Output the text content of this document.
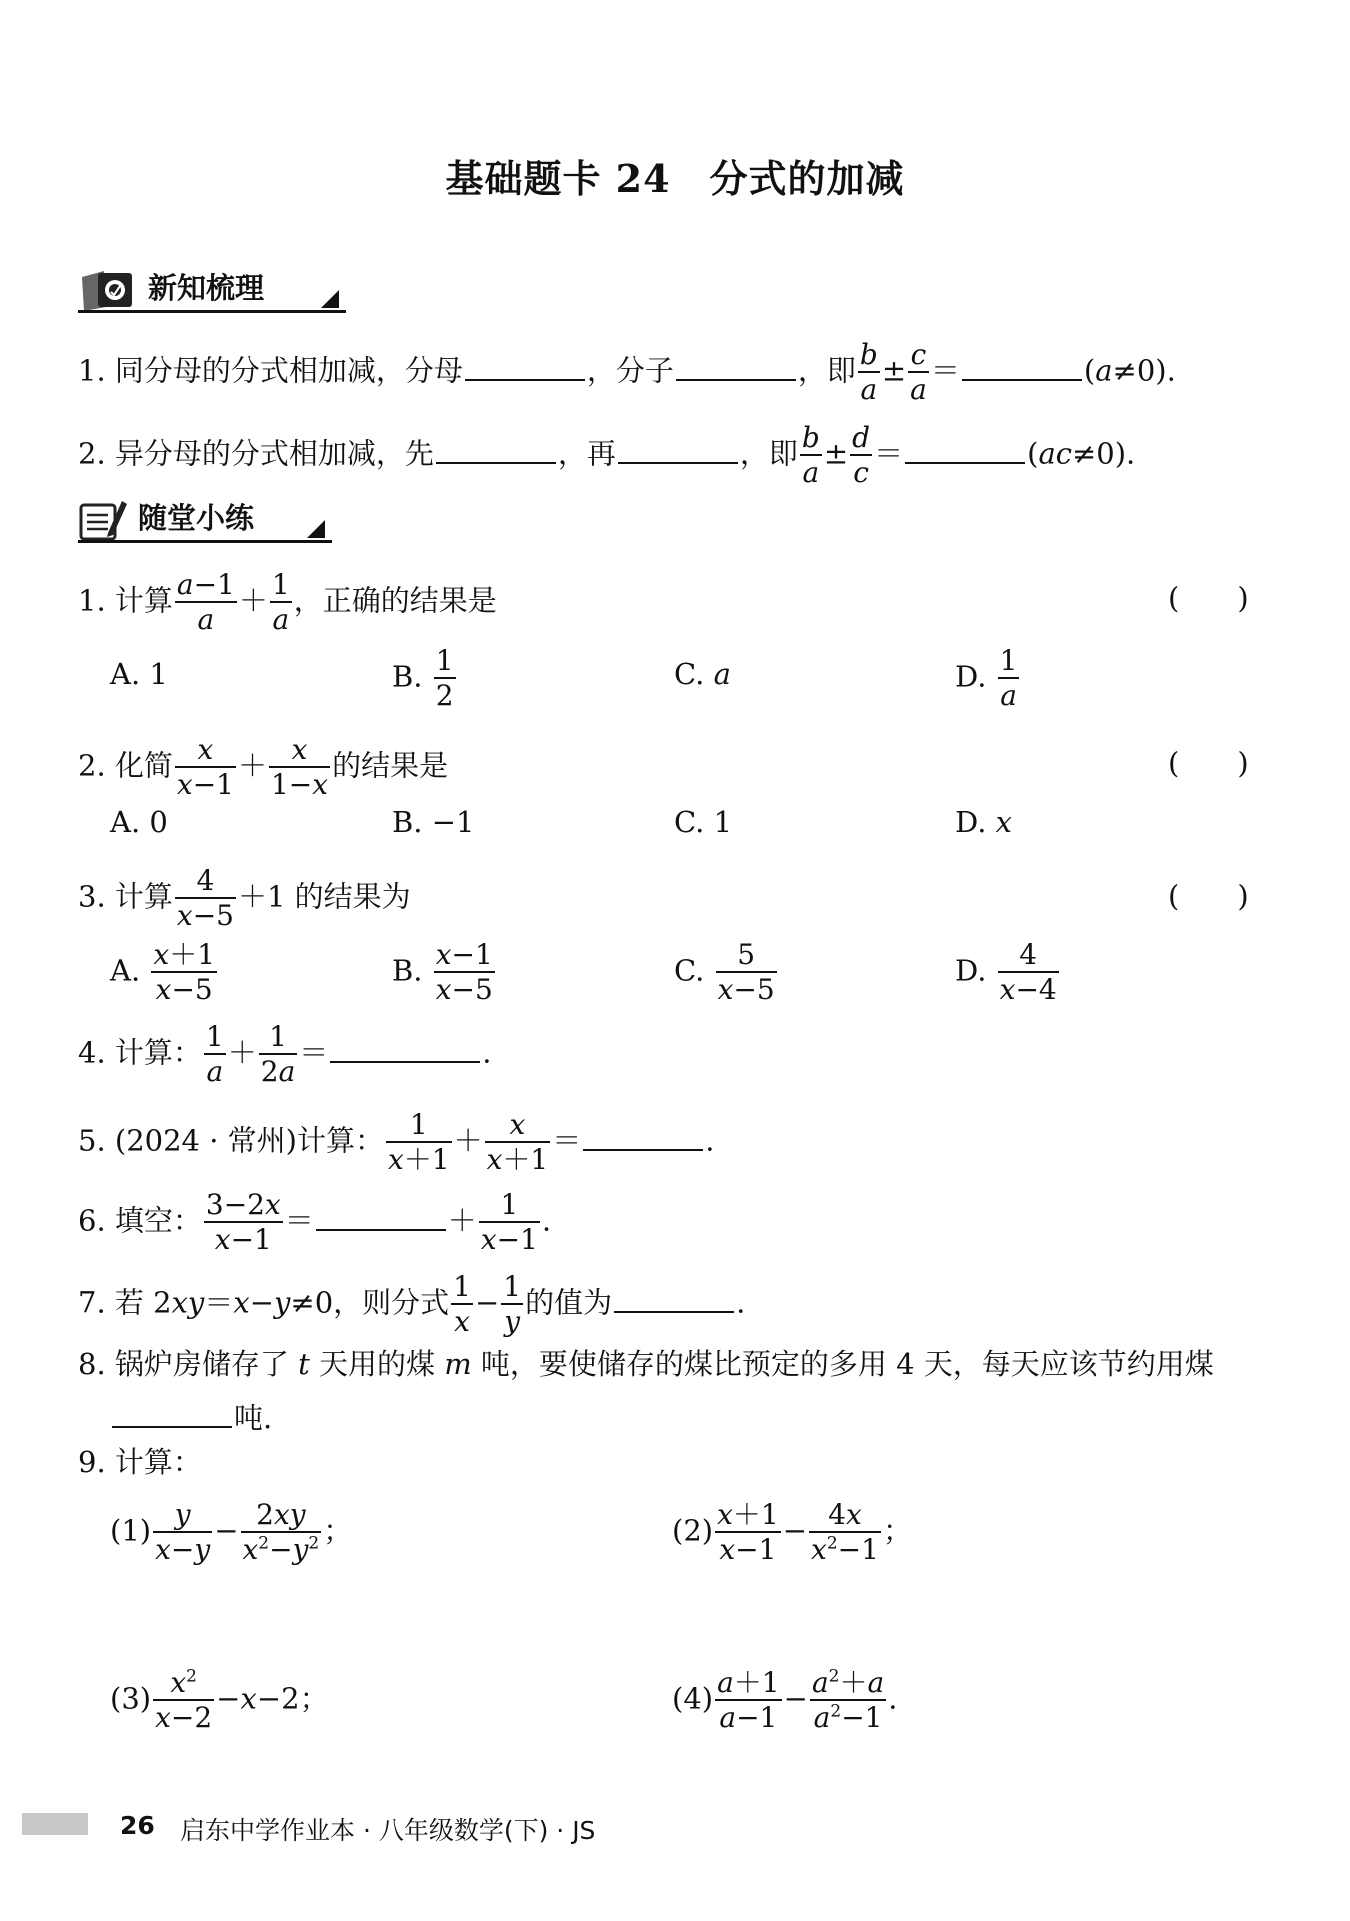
基础题卡 24　分式的加减
新知梳理
1. 同分母的分式相加减，分母	，分子	，即 $\frac{b}{a} \pm \frac{c}{a}$ ＝	(a≠0).
2. 异分母的分式相加减，先	，再	，即 $\frac{b}{a} \pm \frac{d}{c}$ ＝	(ac≠0).
随堂小练
1. 计算 $\frac{a-1}{a} + \frac{1}{a}$ ，正确的结果是	(　　)
A. 1	B. $\frac{1}{2}$	C. a	D. $\frac{1}{a}$
2. 化简 $\frac{x}{x-1} + \frac{x}{1-x}$ 的结果是	(　　)
A. 0	B. −1	C. 1	D. x
3. 计算 $\frac{4}{x-5} +1$ 的结果为	(　　)
A. $\frac{x+1}{x-5}$	B. $\frac{x-1}{x-5}$	C. $\frac{5}{x-5}$	D. $\frac{4}{x-4}$
4. 计算： $\frac{1}{a} + \frac{1}{2a}$ ＝	.
5. (2024 · 常州)计算： $\frac{1}{x+1} + \frac{x}{x+1}$ ＝	.
6. 填空： $\frac{3-2x}{x-1}$ ＝	＋ $\frac{1}{x-1}$ .
7. 若 2xy＝x−y≠0，则分式 $\frac{1}{x} - \frac{1}{y}$ 的值为	.
8. 锅炉房储存了 t 天用的煤 m 吨，要使储存的煤比预定的多用 4 天，每天应该节约用煤
吨.
9. 计算：
$(1) \frac{y}{x-y} - \frac{2xy}{x^2-y^2}$ ；	$(2) \frac{x+1}{x-1} - \frac{4x}{x^2-1}$ ；
$(3) \frac{x^2}{x-2} -x-2$；	$(4) \frac{a+1}{a-1} - \frac{a^2+a}{a^2-1}$ .
26 启东中学作业本 · 八年级数学(下) · JS
